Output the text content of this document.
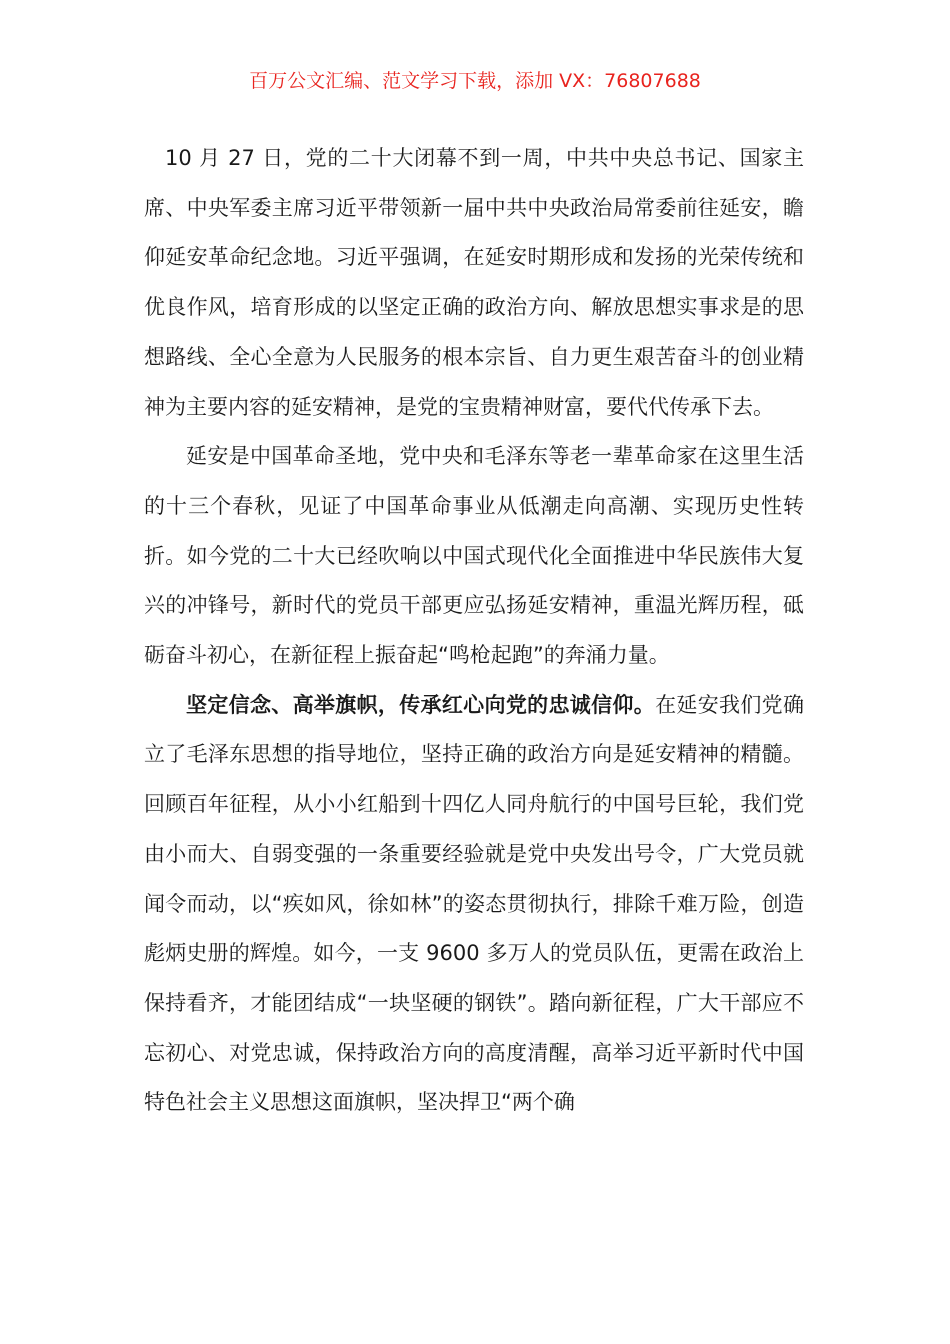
百万公文汇编、范文学习下载，添加 VX：76807688

10 月 27 日，党的二十大闭幕不到一周，中共中央总书记、国家主席、中央军委主席习近平带领新一届中共中央政治局常委前往延安，瞻仰延安革命纪念地。习近平强调，在延安时期形成和发扬的光荣传统和优良作风，培育形成的以坚定正确的政治方向、解放思想实事求是的思想路线、全心全意为人民服务的根本宗旨、自力更生艰苦奋斗的创业精神为主要内容的延安精神，是党的宝贵精神财富，要代代传承下去。

延安是中国革命圣地，党中央和毛泽东等老一辈革命家在这里生活的十三个春秋，见证了中国革命事业从低潮走向高潮、实现历史性转折。如今党的二十大已经吹响以中国式现代化全面推进中华民族伟大复兴的冲锋号，新时代的党员干部更应弘扬延安精神，重温光辉历程，砥砺奋斗初心，在新征程上振奋起“鸣枪起跑”的奔涌力量。

坚定信念、高举旗帜，传承红心向党的忠诚信仰。在延安我们党确立了毛泽东思想的指导地位，坚持正确的政治方向是延安精神的精髓。回顾百年征程，从小小红船到十四亿人同舟航行的中国号巨轮，我们党由小而大、自弱变强的一条重要经验就是党中央发出号令，广大党员就闻令而动，以“疾如风，徐如林”的姿态贯彻执行，排除千难万险，创造彪炳史册的辉煌。如今，一支 9600 多万人的党员队伍，更需在政治上保持看齐，才能团结成“一块坚硬的钢铁”。踏向新征程，广大干部应不忘初心、对党忠诚，保持政治方向的高度清醒，高举习近平新时代中国特色社会主义思想这面旗帜，坚决捍卫“两个确
